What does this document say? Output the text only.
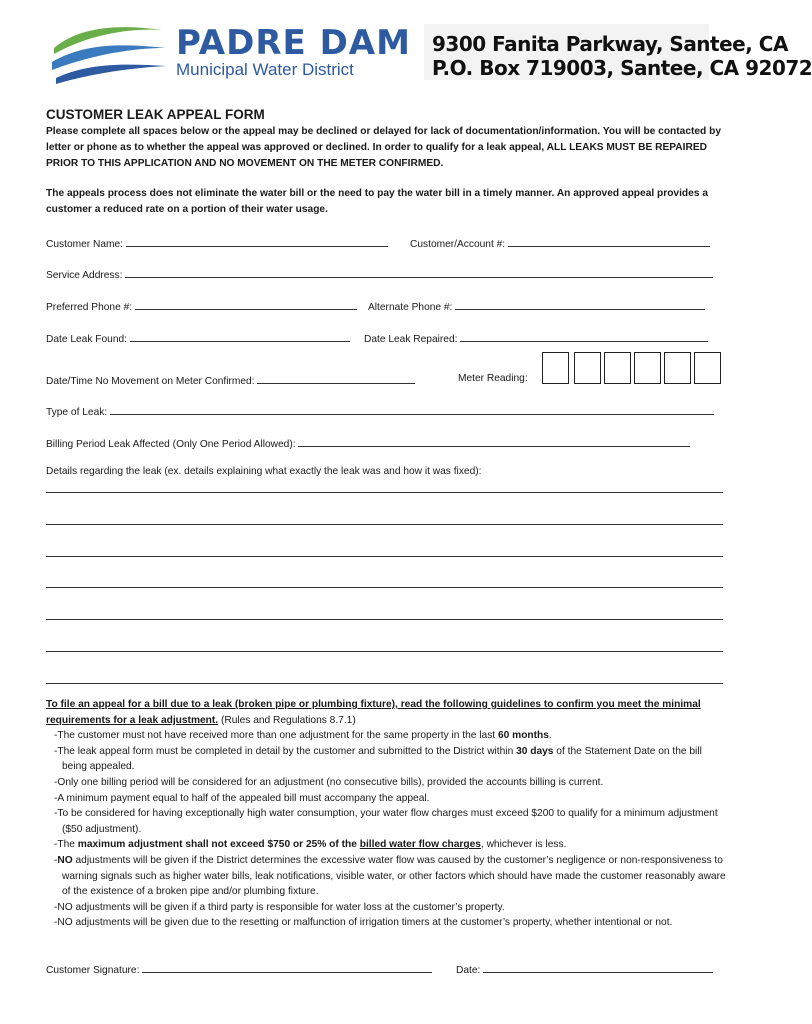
PADRE DAM
Municipal Water District
9300 Fanita Parkway, Santee, CA
P.O. Box 719003, Santee, CA 92072
CUSTOMER LEAK APPEAL FORM
Please complete all spaces below or the appeal may be declined or delayed for lack of documentation/information. You will be contacted by letter or phone as to whether the appeal was approved or declined. In order to qualify for a leak appeal, ALL LEAKS MUST BE REPAIRED PRIOR TO THIS APPLICATION AND NO MOVEMENT ON THE METER CONFIRMED.
The appeals process does not eliminate the water bill or the need to pay the water bill in a timely manner. An approved appeal provides a customer a reduced rate on a portion of their water usage.
Customer Name:	Customer/Account #:
Service Address:
Preferred Phone #:	Alternate Phone #:
Date Leak Found:	Date Leak Repaired:
Date/Time No Movement on Meter Confirmed:	Meter Reading:
Type of Leak:
Billing Period Leak Affected (Only One Period Allowed):
Details regarding the leak (ex. details explaining what exactly the leak was and how it was fixed):
To file an appeal for a bill due to a leak (broken pipe or plumbing fixture), read the following guidelines to confirm you meet the minimal requirements for a leak adjustment. (Rules and Regulations 8.7.1)
- The customer must not have received more than one adjustment for the same property in the last 60 months.
- The leak appeal form must be completed in detail by the customer and submitted to the District within 30 days of the Statement Date on the bill being appealed.
- Only one billing period will be considered for an adjustment (no consecutive bills), provided the accounts billing is current.
- A minimum payment equal to half of the appealed bill must accompany the appeal.
- To be considered for having exceptionally high water consumption, your water flow charges must exceed $200 to qualify for a minimum adjustment ($50 adjustment).
- The maximum adjustment shall not exceed $750 or 25% of the billed water flow charges, whichever is less.
- NO adjustments will be given if the District determines the excessive water flow was caused by the customer’s negligence or non-responsiveness to warning signals such as higher water bills, leak notifications, visible water, or other factors which should have made the customer reasonably aware of the existence of a broken pipe and/or plumbing fixture.
- NO adjustments will be given if a third party is responsible for water loss at the customer’s property.
- NO adjustments will be given due to the resetting or malfunction of irrigation timers at the customer’s property, whether intentional or not.
Customer Signature:	Date:
